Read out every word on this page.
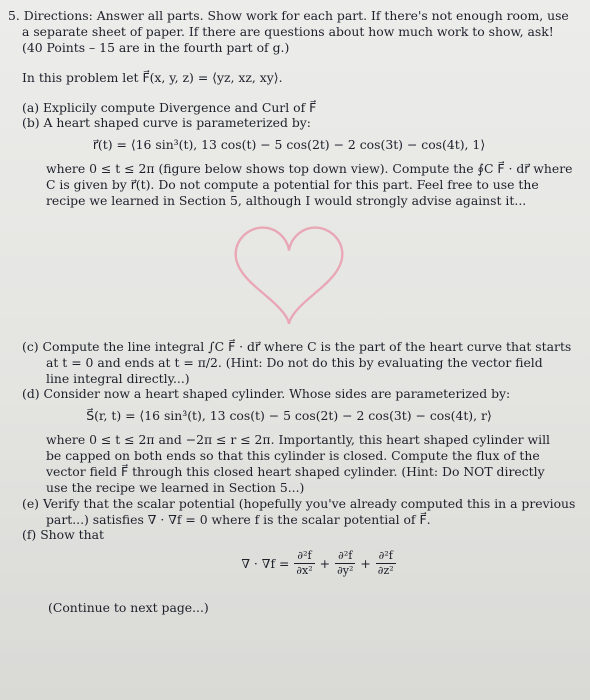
5. Directions: Answer all parts. Show work for each part. If there's not enough room, use
a separate sheet of paper. If there are questions about how much work to show, ask!
(40 Points – 15 are in the fourth part of g.)
In this problem let F⃗(x, y, z) = ⟨yz, xz, xy⟩.
(a) Explicily compute Divergence and Curl of F⃗
(b) A heart shaped curve is parameterized by:
r⃗(t) = ⟨16 sin³(t), 13 cos(t) − 5 cos(2t) − 2 cos(3t) − cos(4t), 1⟩
where 0 ≤ t ≤ 2π (figure below shows top down view). Compute the ∮C F⃗ · dr⃗ where
C is given by r⃗(t). Do not compute a potential for this part. Feel free to use the
recipe we learned in Section 5, although I would strongly advise against it...
(c) Compute the line integral ∫C F⃗ · dr⃗ where C is the part of the heart curve that starts
at t = 0 and ends at t = π/2. (Hint: Do not do this by evaluating the vector field
line integral directly...)
(d) Consider now a heart shaped cylinder. Whose sides are parameterized by:
S⃗(r, t) = ⟨16 sin³(t), 13 cos(t) − 5 cos(2t) − 2 cos(3t) − cos(4t), r⟩
where 0 ≤ t ≤ 2π and −2π ≤ r ≤ 2π. Importantly, this heart shaped cylinder will
be capped on both ends so that this cylinder is closed. Compute the flux of the
vector field F⃗ through this closed heart shaped cylinder. (Hint: Do NOT directly
use the recipe we learned in Section 5...)
(e) Verify that the scalar potential (hopefully you've already computed this in a previous
part...) satisfies ∇ · ∇f = 0 where f is the scalar potential of F⃗.
(f) Show that
∇ · $\nabla f = \frac{\text{∂²f}}{\text{∂x²}} + \frac{\text{∂²f}}{\text{∂y²}} + \frac{\text{∂²f}}{\text{∂z²}}$
(Continue to next page...)
